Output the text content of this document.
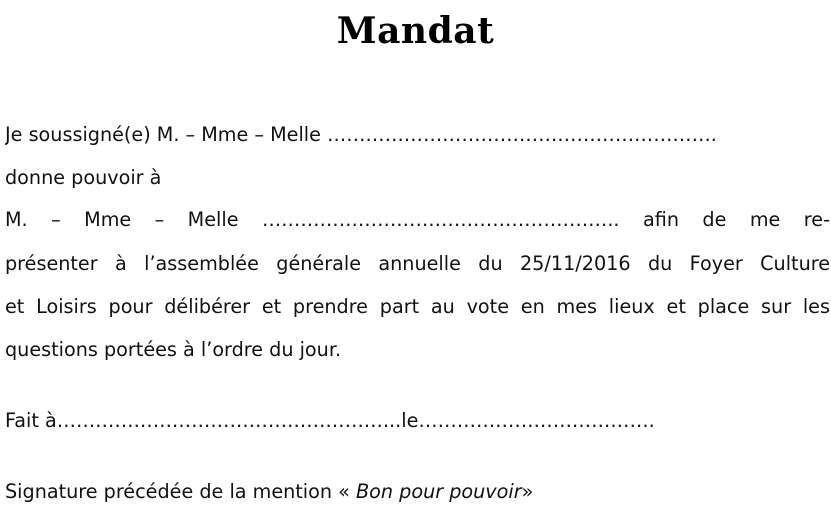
Mandat
Je soussigné(e) M. – Mme – Melle …………………………………………………….
donne pouvoir à
M. – Mme – Melle ……………………………………………….. afin de me re-
présenter à l’assemblée générale annuelle du 25/11/2016 du Foyer Culture
et Loisirs pour délibérer et prendre part au vote en mes lieux et place sur les
questions portées à l’ordre du jour.
Fait à……………………………………………...le……………………………….
Signature précédée de la mention « Bon pour pouvoir»
